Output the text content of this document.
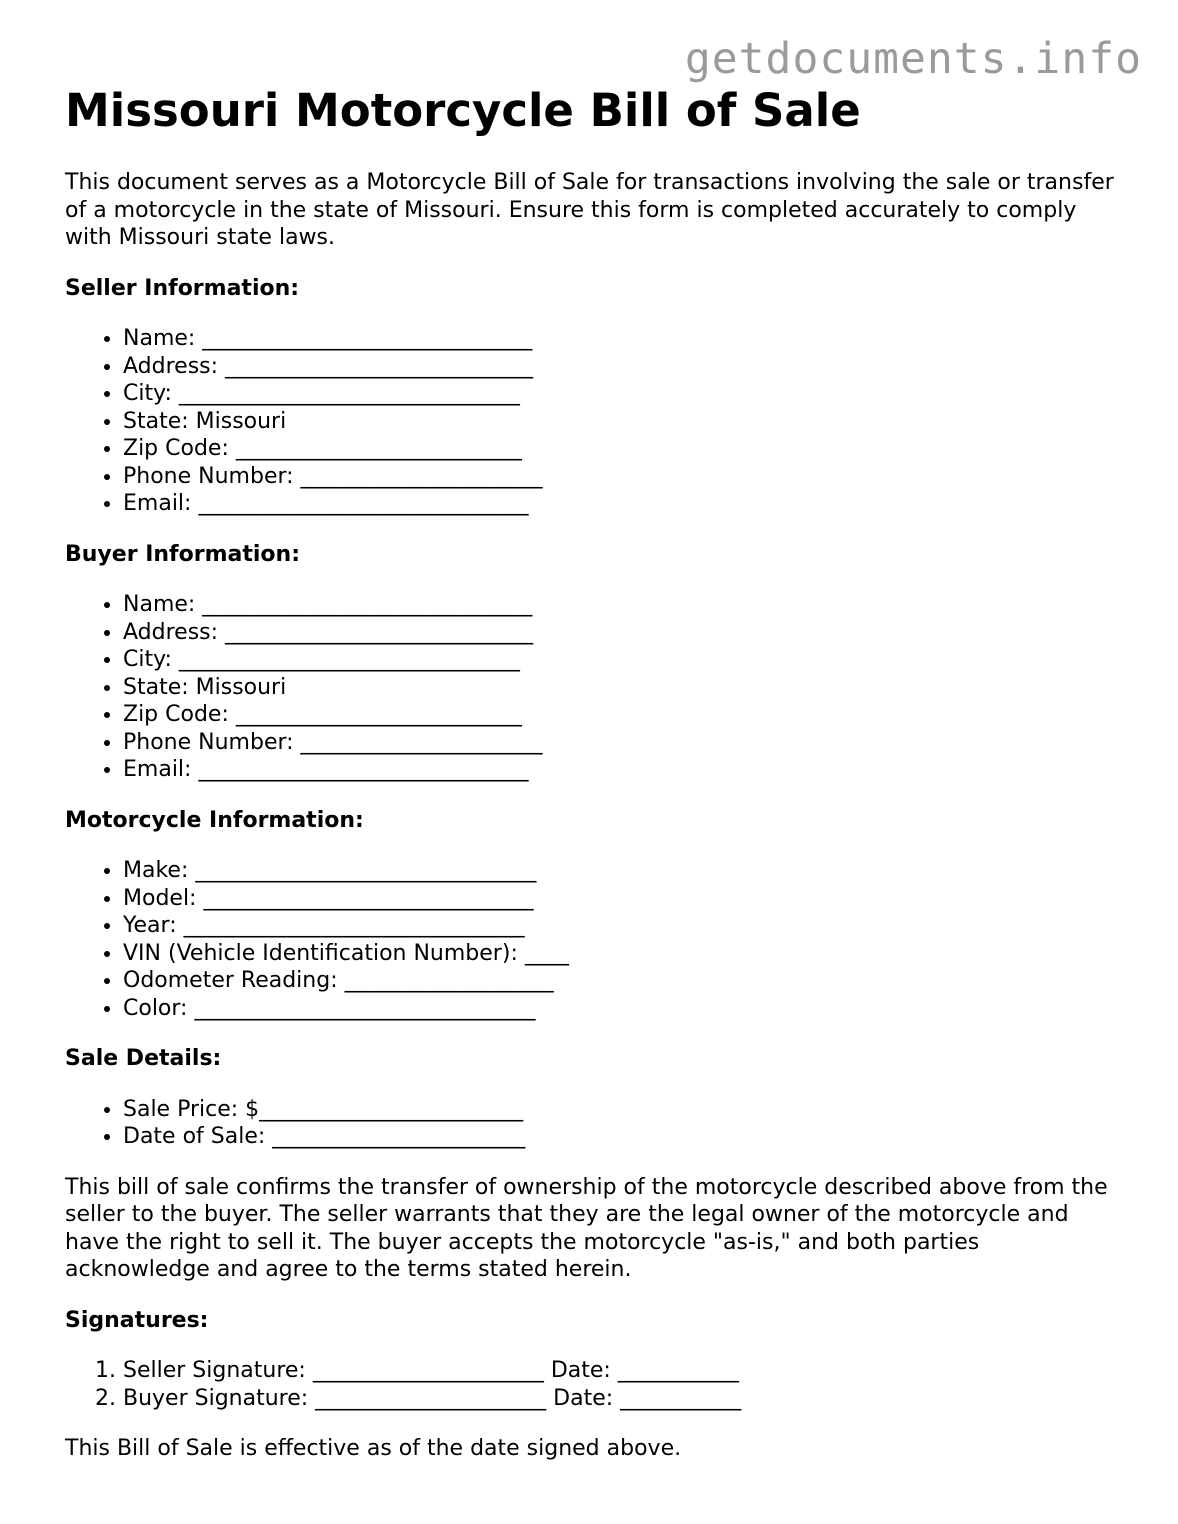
getdocuments.info
Missouri Motorcycle Bill of Sale

This document serves as a Motorcycle Bill of Sale for transactions involving the sale or transfer of a motorcycle in the state of Missouri. Ensure this form is completed accurately to comply with Missouri state laws.

Seller Information:

• Name: ______________________________
• Address: ____________________________
• City: _______________________________
• State: Missouri
• Zip Code: __________________________
• Phone Number: ______________________
• Email: ______________________________

Buyer Information:

• Name: ______________________________
• Address: ____________________________
• City: _______________________________
• State: Missouri
• Zip Code: __________________________
• Phone Number: ______________________
• Email: ______________________________

Motorcycle Information:

• Make: _______________________________
• Model: ______________________________
• Year: _______________________________
• VIN (Vehicle Identification Number): ____
• Odometer Reading: ___________________
• Color: _______________________________

Sale Details:

• Sale Price: $________________________
• Date of Sale: _______________________

This bill of sale confirms the transfer of ownership of the motorcycle described above from the seller to the buyer. The seller warrants that they are the legal owner of the motorcycle and have the right to sell it. The buyer accepts the motorcycle "as-is," and both parties acknowledge and agree to the terms stated herein.

Signatures:

1. Seller Signature: _____________________ Date: ___________
2. Buyer Signature: _____________________ Date: ___________

This Bill of Sale is effective as of the date signed above.
